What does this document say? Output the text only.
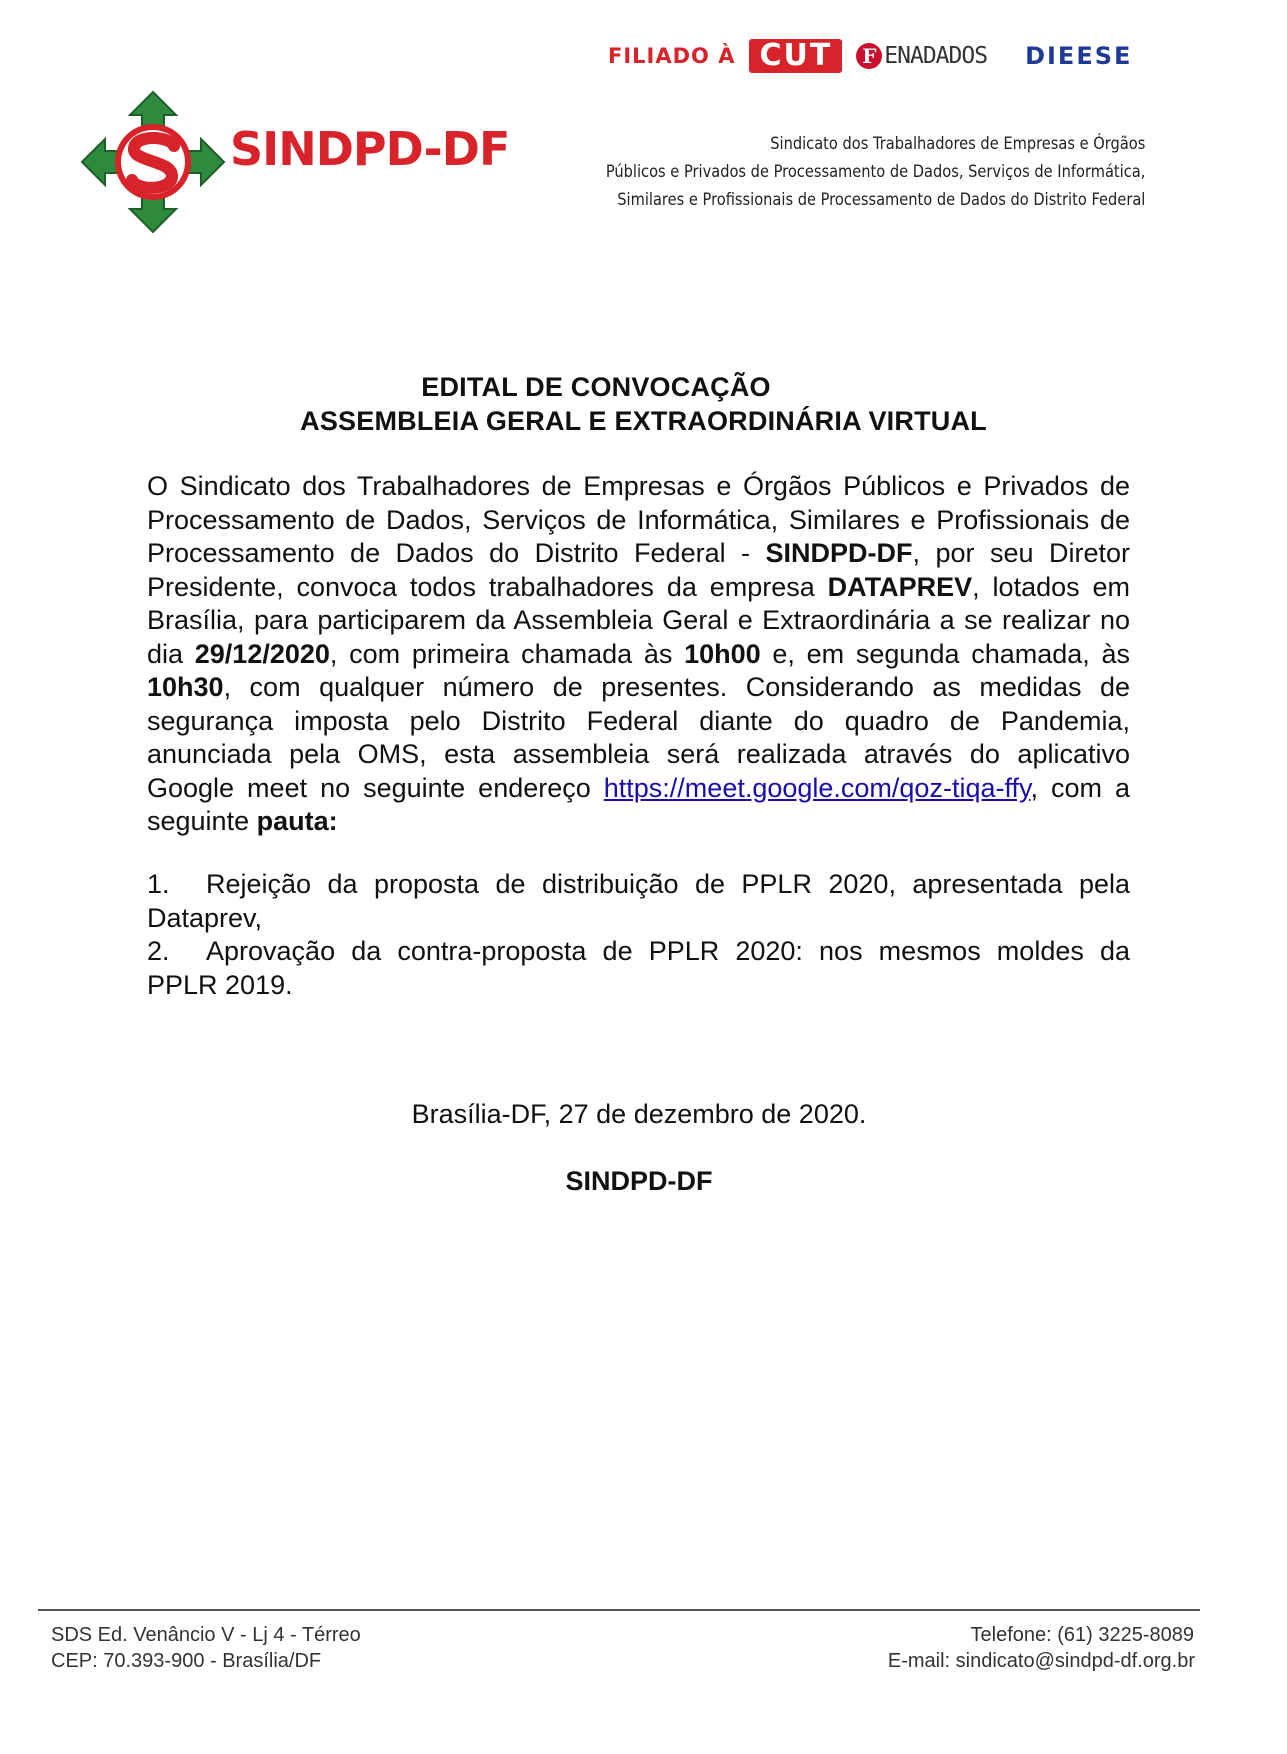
FILIADO À CUT	F ENADADOS DIEESE
SINDPD-DF	Sindicato dos Trabalhadores de Empresas e Órgãos
Públicos e Privados de Processamento de Dados, Serviços de Informática,
Similares e Profissionais de Processamento de Dados do Distrito Federal
EDITAL DE CONVOCAÇÃO
ASSEMBLEIA GERAL E EXTRAORDINÁRIA VIRTUAL
O Sindicato dos Trabalhadores de Empresas e Órgãos Públicos e Privados de Processamento de Dados, Serviços de Informática, Similares e Profissionais de Processamento de Dados do Distrito Federal - SINDPD-DF, por seu Diretor Presidente, convoca todos trabalhadores da empresa DATAPREV, lotados em Brasília, para participarem da Assembleia Geral e Extraordinária a se realizar no dia 29/12/2020, com primeira chamada às 10h00 e, em segunda chamada, às 10h30, com qualquer número de presentes. Considerando as medidas de segurança imposta pelo Distrito Federal diante do quadro de Pandemia, anunciada pela OMS, esta assembleia será realizada através do aplicativo Google meet no seguinte endereço https://meet.google.com/qoz-tiqa-ffy, com a seguinte pauta:
1. Rejeição da proposta de distribuição de PPLR 2020, apresentada pela Dataprev,
2. Aprovação da contra-proposta de PPLR 2020: nos mesmos moldes da PPLR 2019.
Brasília-DF, 27 de dezembro de 2020.
SINDPD-DF
SDS Ed. Venâncio V - Lj 4 - Térreo	Telefone: (61) 3225-8089
CEP: 70.393-900 - Brasília/DF	E-mail: sindicato@sindpd-df.org.br
